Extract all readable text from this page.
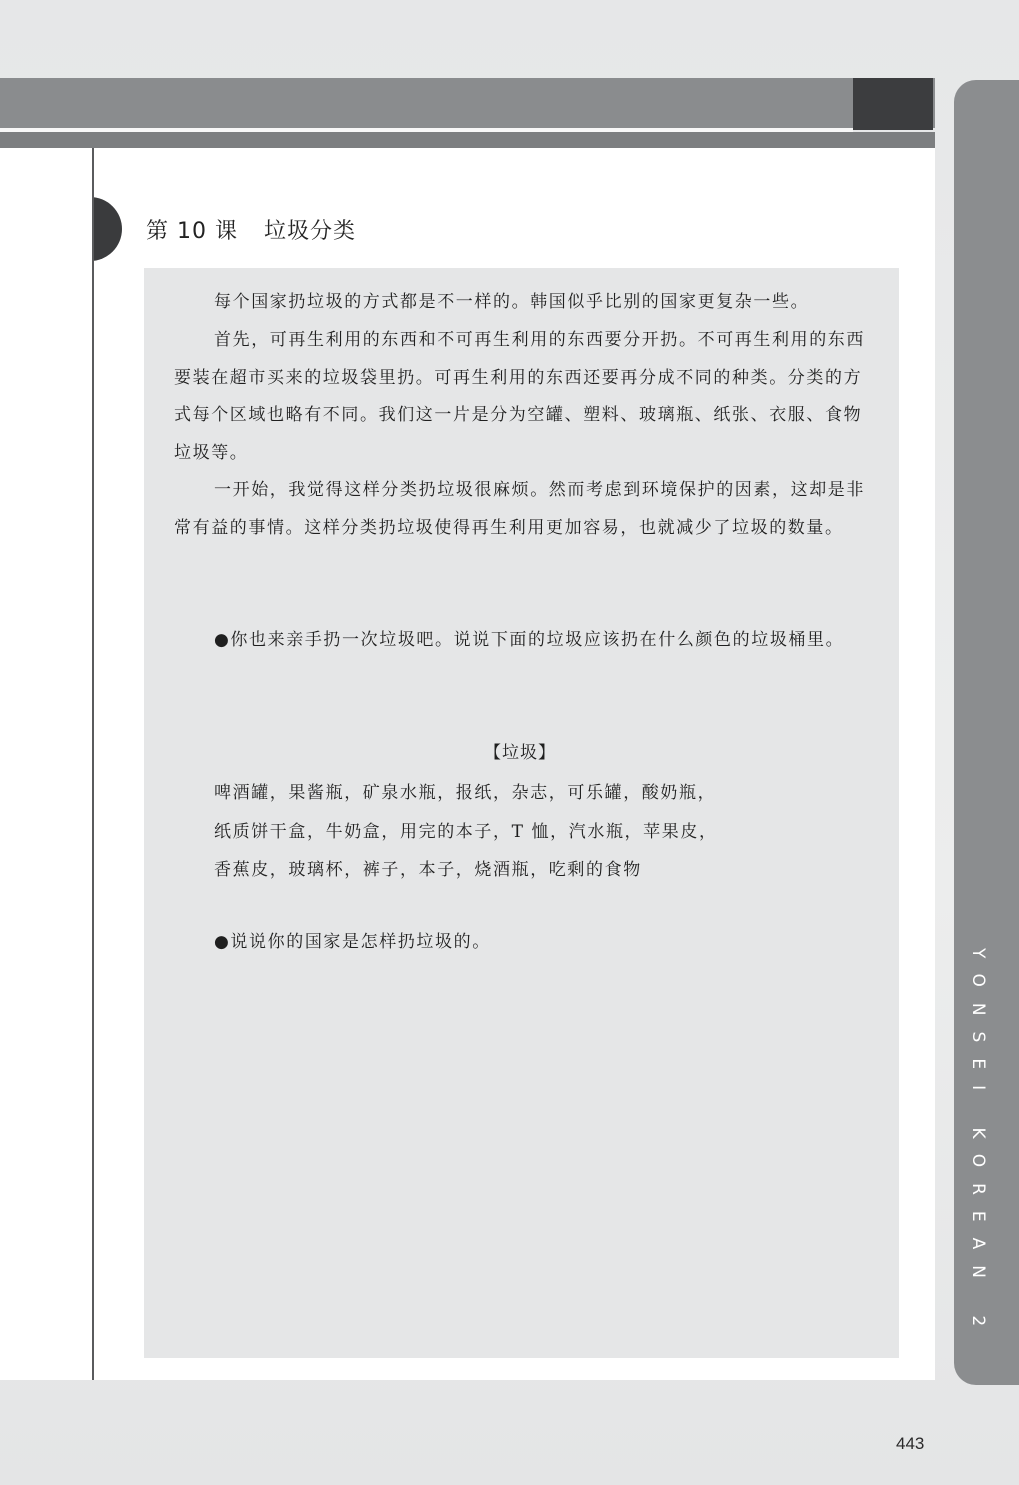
第 10 课 垃圾分类

每个国家扔垃圾的方式都是不一样的。韩国似乎比别的国家更复杂一些。

首先，可再生利用的东西和不可再生利用的东西要分开扔。不可再生利用的东西要装在超市买来的垃圾袋里扔。可再生利用的东西还要再分成不同的种类。分类的方式每个区域也略有不同。我们这一片是分为空罐、塑料、玻璃瓶、纸张、衣服、食物垃圾等。

一开始，我觉得这样分类扔垃圾很麻烦。然而考虑到环境保护的因素，这却是非常有益的事情。这样分类扔垃圾使得再生利用更加容易，也就减少了垃圾的数量。

●你也来亲手扔一次垃圾吧。说说下面的垃圾应该扔在什么颜色的垃圾桶里。

【垃圾】
啤酒罐，果酱瓶，矿泉水瓶，报纸，杂志，可乐罐，酸奶瓶，
纸质饼干盒，牛奶盒，用完的本子，T 恤，汽水瓶，苹果皮，
香蕉皮，玻璃杯，裤子，本子，烧酒瓶，吃剩的食物

●说说你的国家是怎样扔垃圾的。

YONSEI KOREAN 2
443
